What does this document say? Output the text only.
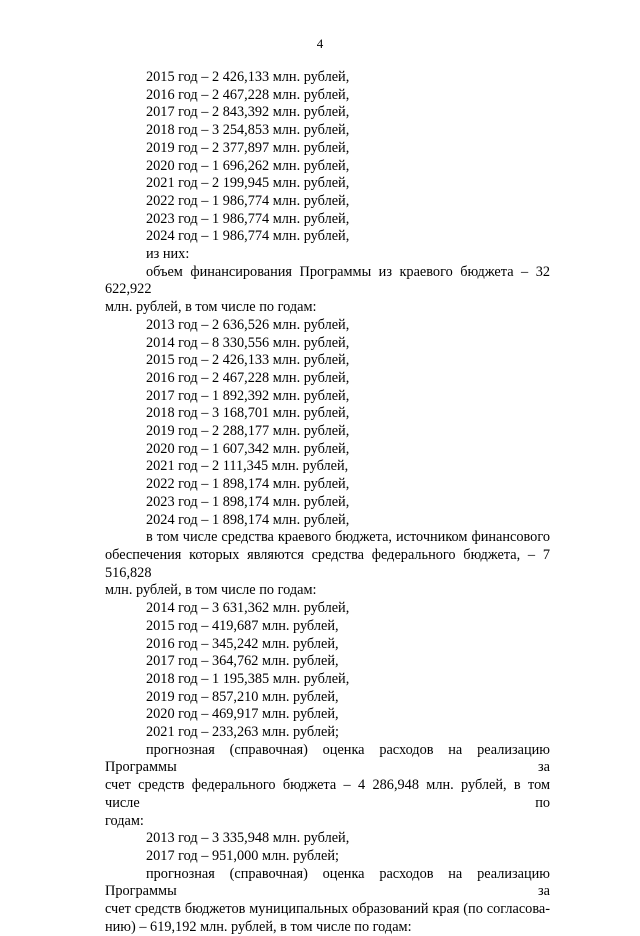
4
2015 год – 2 426,133 млн. рублей,
2016 год – 2 467,228 млн. рублей,
2017 год – 2 843,392 млн. рублей,
2018 год – 3 254,853 млн. рублей,
2019 год – 2 377,897 млн. рублей,
2020 год – 1 696,262 млн. рублей,
2021 год – 2 199,945 млн. рублей,
2022 год – 1 986,774 млн. рублей,
2023 год – 1 986,774 млн. рублей,
2024 год – 1 986,774 млн. рублей,
из них:
объем финансирования Программы из краевого бюджета – 32 622,922
млн. рублей, в том числе по годам:
2013 год – 2 636,526 млн. рублей,
2014 год – 8 330,556 млн. рублей,
2015 год – 2 426,133 млн. рублей,
2016 год – 2 467,228 млн. рублей,
2017 год – 1 892,392 млн. рублей,
2018 год – 3 168,701 млн. рублей,
2019 год – 2 288,177 млн. рублей,
2020 год – 1 607,342 млн. рублей,
2021 год – 2 111,345 млн. рублей,
2022 год – 1 898,174 млн. рублей,
2023 год – 1 898,174 млн. рублей,
2024 год – 1 898,174 млн. рублей,
в том числе средства краевого бюджета, источником финансового
обеспечения которых являются средства федерального бюджета, – 7 516,828
млн. рублей, в том числе по годам:
2014 год – 3 631,362 млн. рублей,
2015 год – 419,687 млн. рублей,
2016 год – 345,242 млн. рублей,
2017 год – 364,762 млн. рублей,
2018 год – 1 195,385 млн. рублей,
2019 год – 857,210 млн. рублей,
2020 год – 469,917 млн. рублей,
2021 год – 233,263 млн. рублей;
прогнозная (справочная) оценка расходов на реализацию Программы за
счет средств федерального бюджета – 4 286,948 млн. рублей, в том числе по
годам:
2013 год – 3 335,948 млн. рублей,
2017 год – 951,000 млн. рублей;
прогнозная (справочная) оценка расходов на реализацию Программы за
счет средств бюджетов муниципальных образований края (по согласова-
нию) – 619,192 млн. рублей, в том числе по годам:
